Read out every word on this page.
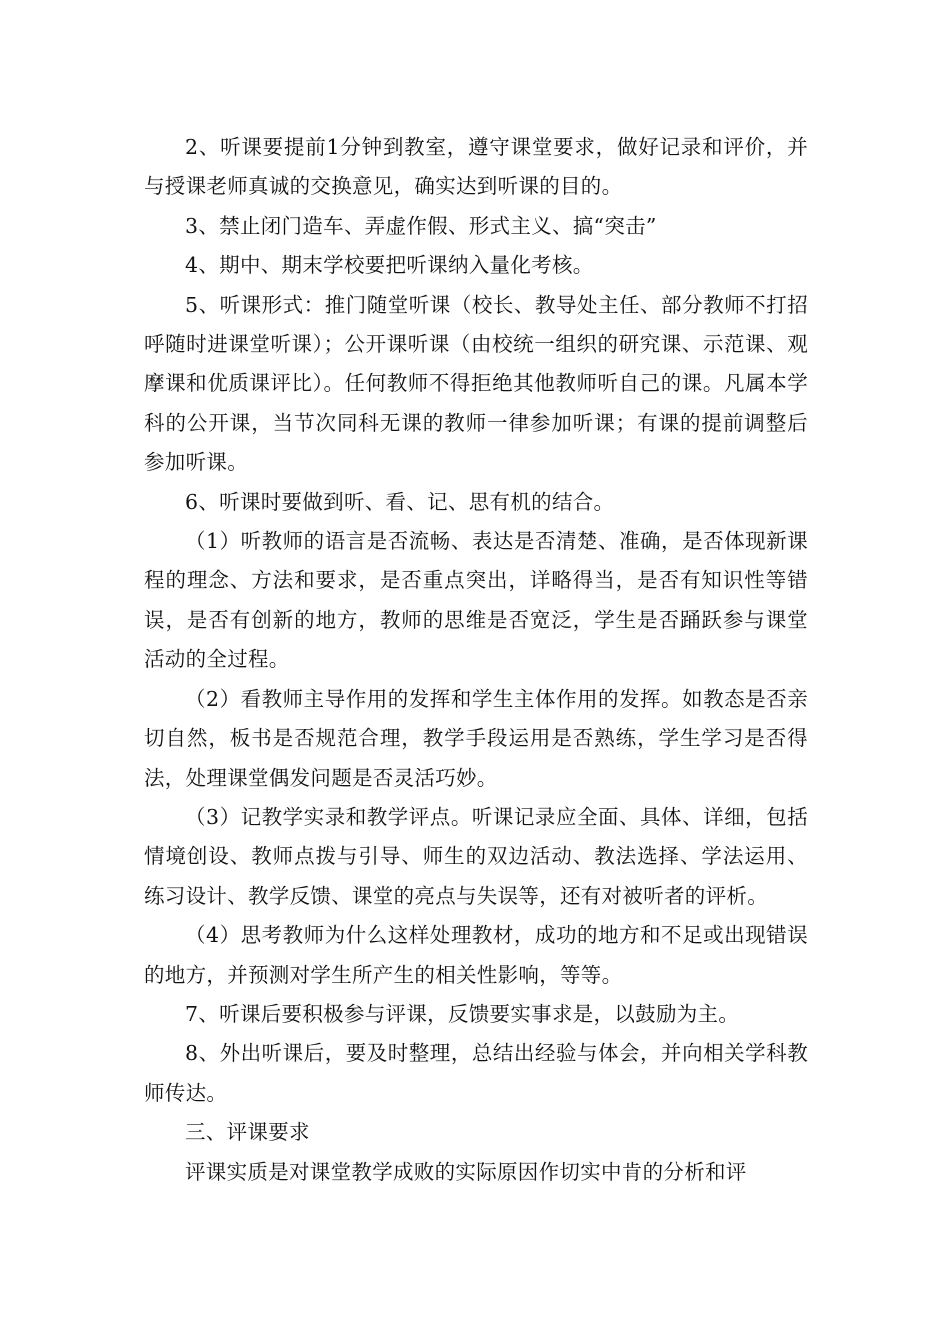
2、听课要提前1分钟到教室，遵守课堂要求，做好记录和评价，并与授课老师真诚的交换意见，确实达到听课的目的。

3、禁止闭门造车、弄虚作假、形式主义、搞“突击”

4、期中、期末学校要把听课纳入量化考核。

5、听课形式：推门随堂听课（校长、教导处主任、部分教师不打招呼随时进课堂听课）；公开课听课（由校统一组织的研究课、示范课、观摩课和优质课评比）。任何教师不得拒绝其他教师听自己的课。凡属本学科的公开课，当节次同科无课的教师一律参加听课；有课的提前调整后参加听课。

6、听课时要做到听、看、记、思有机的结合。

（1）听教师的语言是否流畅、表达是否清楚、准确，是否体现新课程的理念、方法和要求，是否重点突出，详略得当，是否有知识性等错误，是否有创新的地方，教师的思维是否宽泛，学生是否踊跃参与课堂活动的全过程。

（2）看教师主导作用的发挥和学生主体作用的发挥。如教态是否亲切自然，板书是否规范合理，教学手段运用是否熟练，学生学习是否得法，处理课堂偶发问题是否灵活巧妙。

（3）记教学实录和教学评点。听课记录应全面、具体、详细，包括情境创设、教师点拨与引导、师生的双边活动、教法选择、学法运用、练习设计、教学反馈、课堂的亮点与失误等，还有对被听者的评析。

（4）思考教师为什么这样处理教材，成功的地方和不足或出现错误的地方，并预测对学生所产生的相关性影响，等等。

7、听课后要积极参与评课，反馈要实事求是，以鼓励为主。

8、外出听课后，要及时整理，总结出经验与体会，并向相关学科教师传达。

三、评课要求

评课实质是对课堂教学成败的实际原因作切实中肯的分析和评
